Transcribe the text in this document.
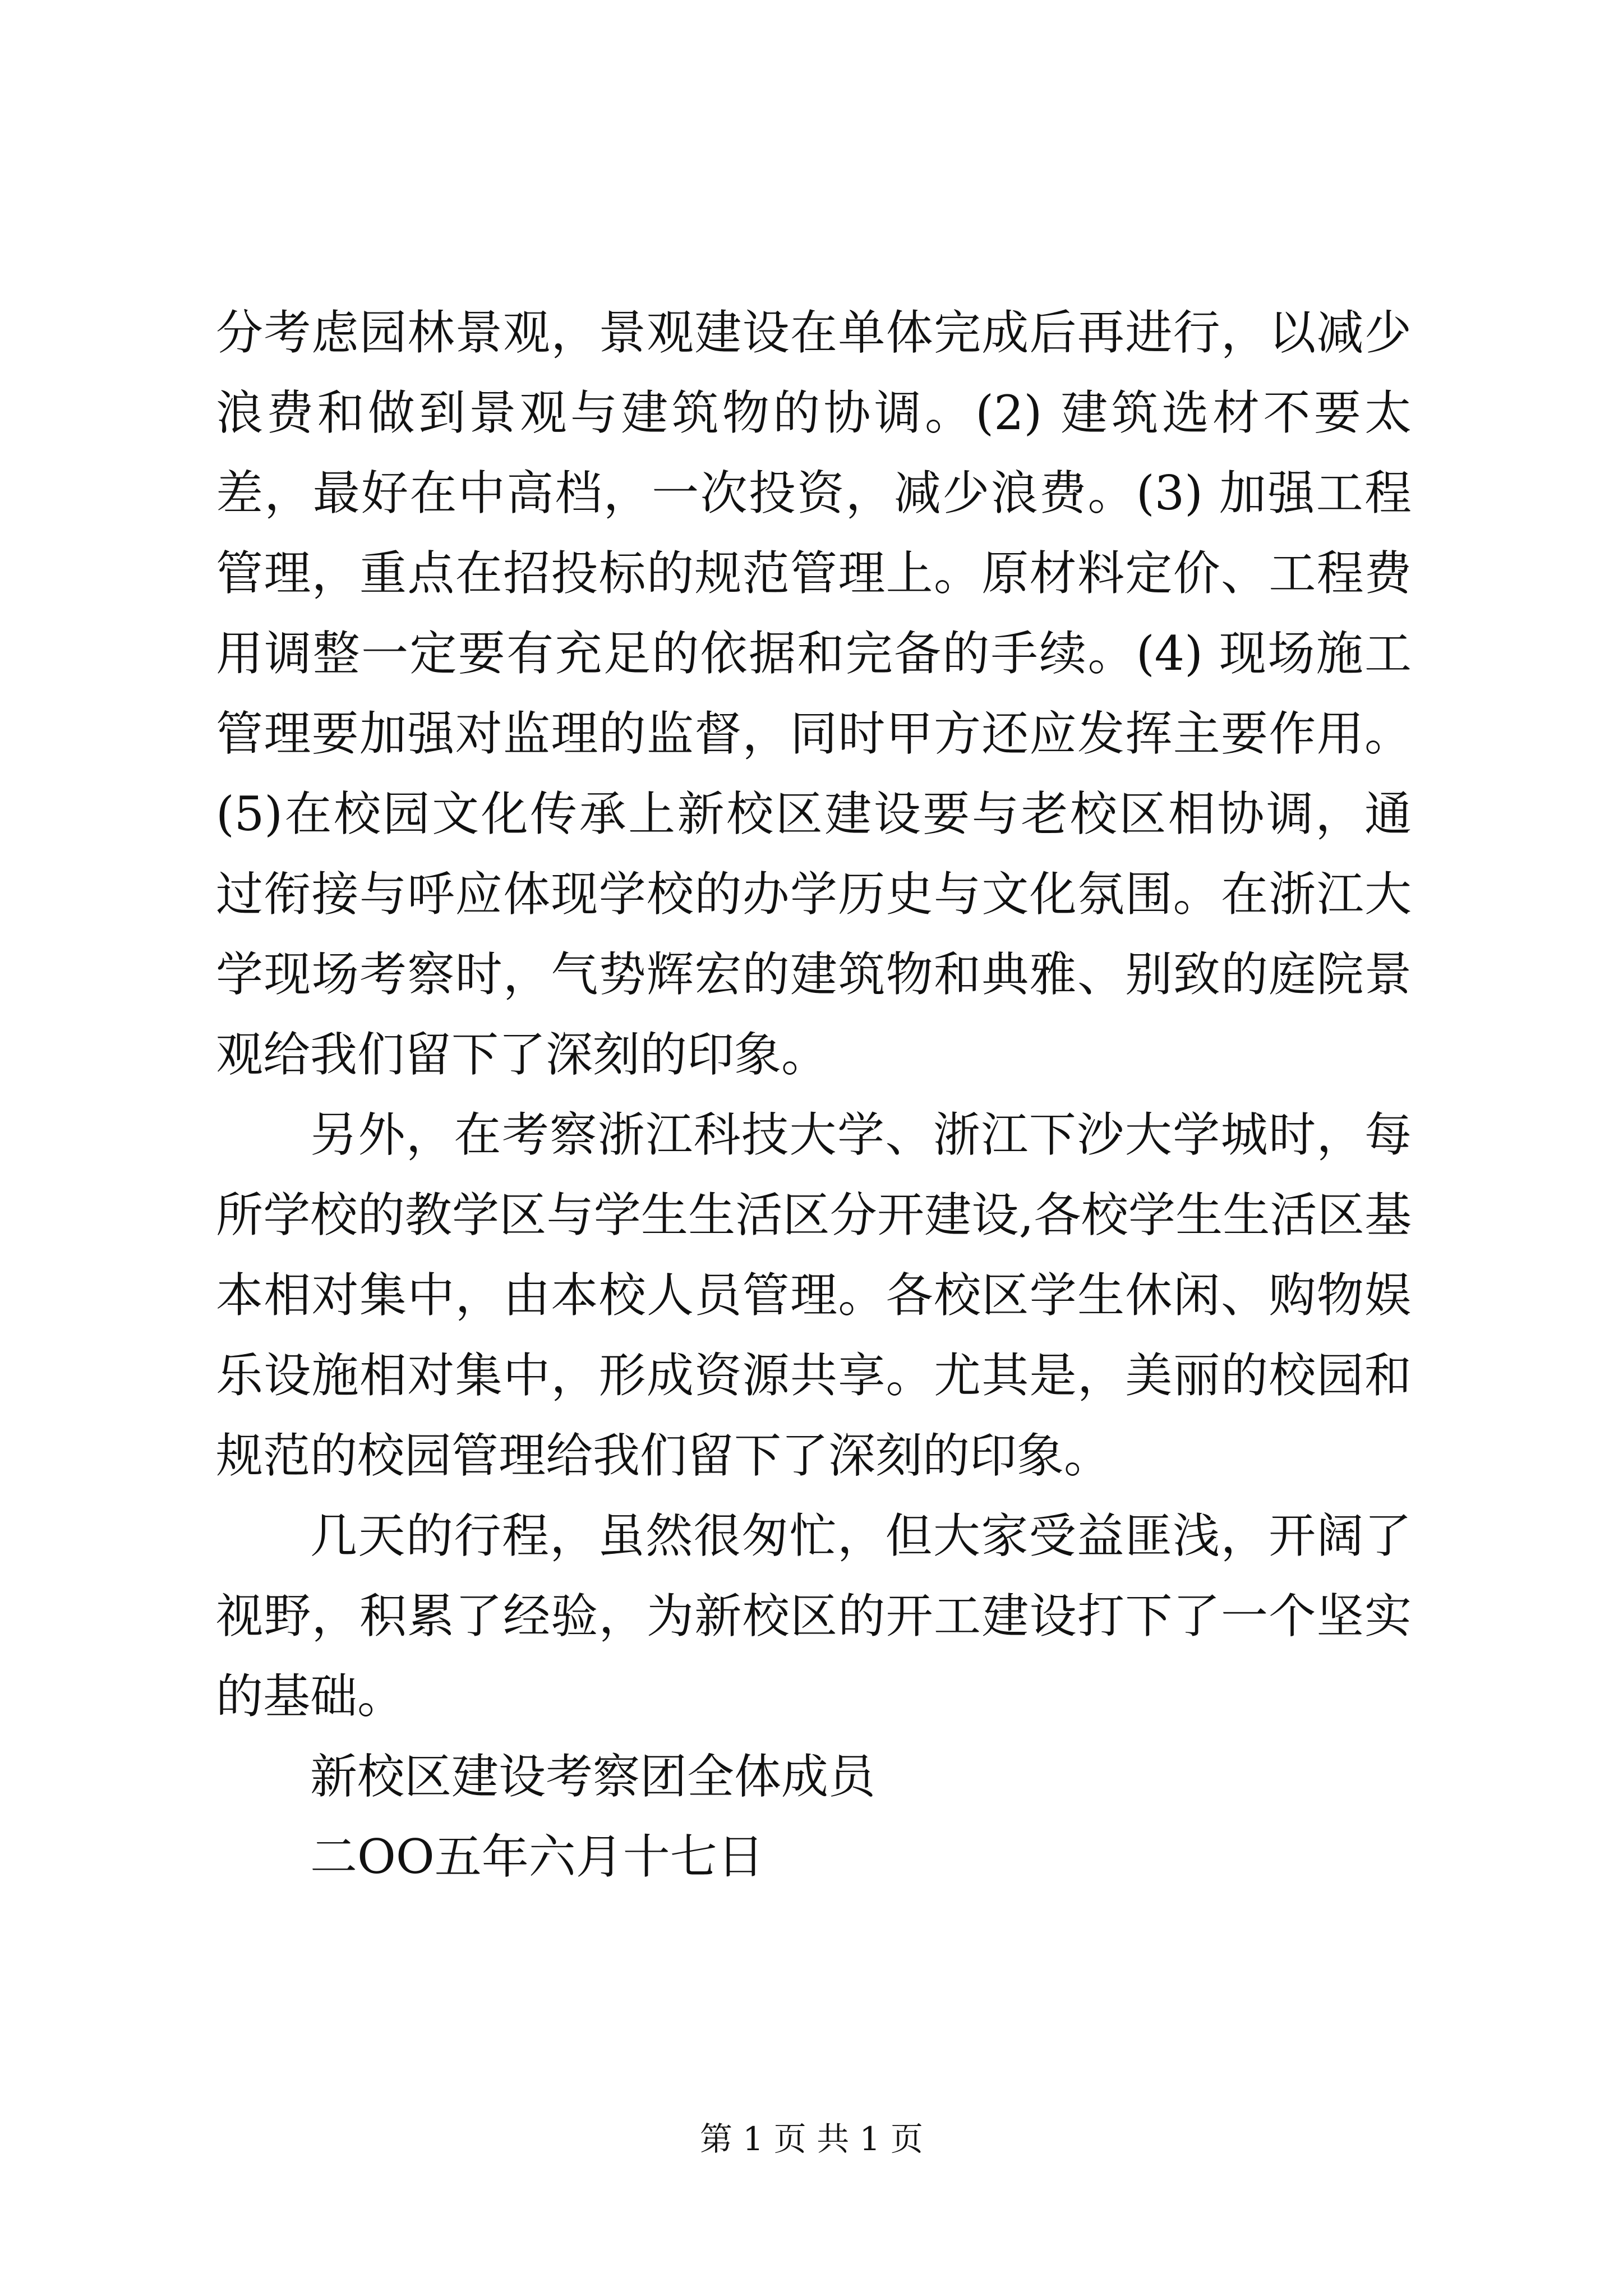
分考虑园林景观，景观建设在单体完成后再进行，以减少浪费和做到景观与建筑物的协调。(2) 建筑选材不要太差，最好在中高档，一次投资，减少浪费。(3) 加强工程管理，重点在招投标的规范管理上。原材料定价、工程费用调整一定要有充足的依据和完备的手续。(4) 现场施工管理要加强对监理的监督，同时甲方还应发挥主要作用。(5)在校园文化传承上新校区建设要与老校区相协调，通过衔接与呼应体现学校的办学历史与文化氛围。在浙江大学现场考察时，气势辉宏的建筑物和典雅、别致的庭院景观给我们留下了深刻的印象。

另外，在考察浙江科技大学、浙江下沙大学城时，每所学校的教学区与学生生活区分开建设,各校学生生活区基本相对集中，由本校人员管理。各校区学生休闲、购物娱乐设施相对集中，形成资源共享。尤其是，美丽的校园和规范的校园管理给我们留下了深刻的印象。

几天的行程，虽然很匆忙，但大家受益匪浅，开阔了视野，积累了经验，为新校区的开工建设打下了一个坚实的基础。

新校区建设考察团全体成员

二OO五年六月十七日

第 1 页 共 1 页
